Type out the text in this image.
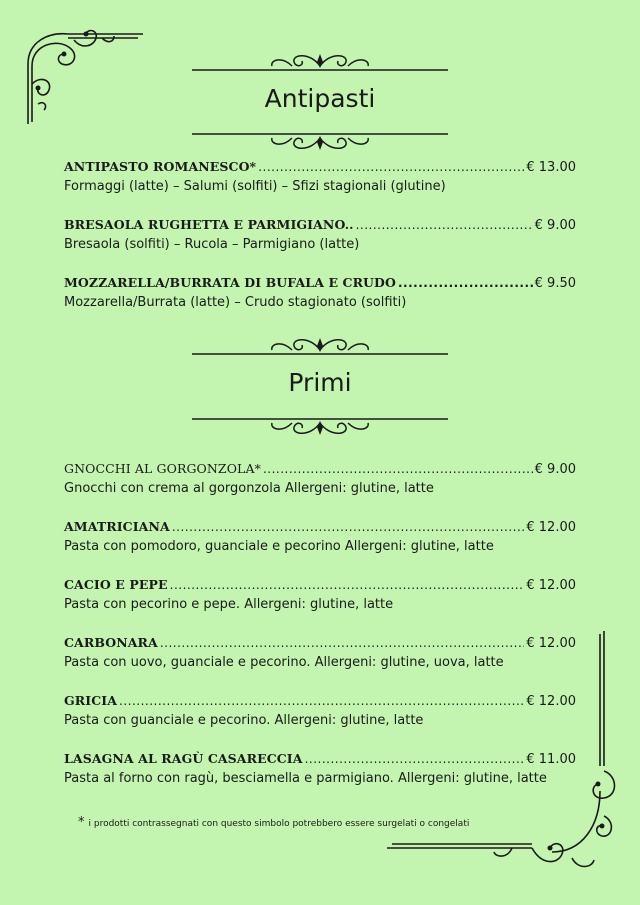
Antipasti
ANTIPASTO ROMANESCO* .....	€ 13.00
Formaggi (latte) – Salumi (solfiti) – Sfizi stagionali (glutine)
BRESAOLA RUGHETTA E PARMIGIANO.. .....	€ 9.00
Bresaola (solfiti) – Rucola – Parmigiano (latte)
MOZZARELLA/BURRATA DI BUFALA E CRUDO .....	€ 9.50
Mozzarella/Burrata (latte) – Crudo stagionato (solfiti)
Primi
GNOCCHI AL GORGONZOLA* .....	€ 9.00
Gnocchi con crema al gorgonzola Allergeni: glutine, latte
AMATRICIANA .....	€ 12.00
Pasta con pomodoro, guanciale e pecorino Allergeni: glutine, latte
CACIO E PEPE .....	€ 12.00
Pasta con pecorino e pepe. Allergeni: glutine, latte
CARBONARA .....	€ 12.00
Pasta con uovo, guanciale e pecorino. Allergeni: glutine, uova, latte
GRICIA .....	€ 12.00
Pasta con guanciale e pecorino. Allergeni: glutine, latte
LASAGNA AL RAGÙ CASARECCIA .....	€ 11.00
Pasta al forno con ragù, besciamella e parmigiano. Allergeni: glutine, latte
* i prodotti contrassegnati con questo simbolo potrebbero essere surgelati o congelati
